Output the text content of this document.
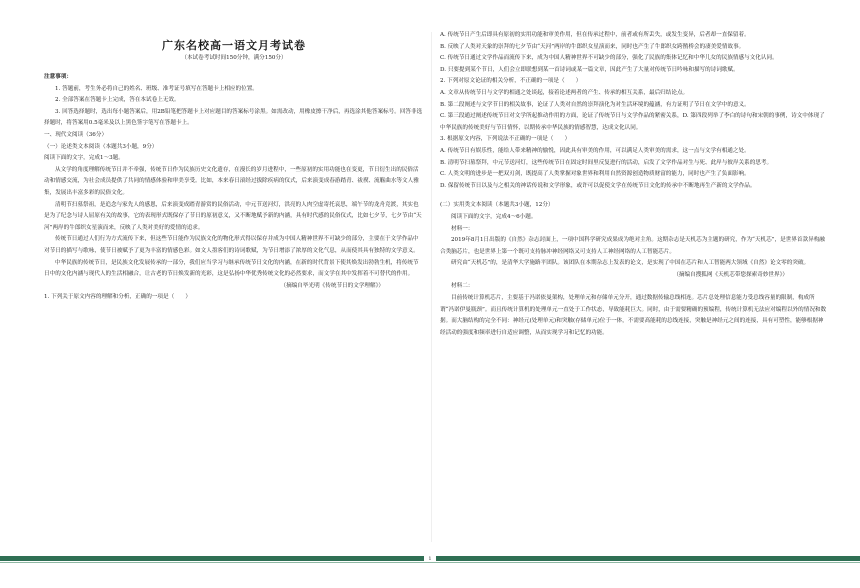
广东名校高一语文月考试卷
（本试卷考试时间150分钟，满分150分）

注意事项：

1. 答题前，考生务必将自己的姓名、班级、准考证号填写在答题卡上相应的位置。

2. 全部答案在答题卡上完成，答在本试卷上无效。

3. 回答选择题时，选出每小题答案后，用2B铅笔把答题卡上对应题目的答案标号涂黑。如需改动，用橡皮擦干净后，再选涂其他答案标号。回答非选择题时，将答案用0.5毫米及以上黑色签字笔写在答题卡上。

一、现代文阅读（36分）

（一）论述类文本阅读（本题共3小题，9分）

阅读下面的文字，完成1～3题。

从文学的角度理解传统节日并不牵强，传统节日作为民族历史文化遗存，在漫长的岁月进程中，一些原初的实用功能也在变更，节日衍生出的民俗活动和情感交流，为社会成员提供了共同的情感体验和审美享受。比如，本来春日滚经过拔除疾病的仪式，后来演变成春游踏青、祓禊、流觞曲水等文人雅集，发展出丰富多彩的民俗文化。

清明节扫墓祭祖，是追念与家先人的感恩，后来演变成踏青游赏的民俗活动，中元节送河灯，洪亮的人肉空虚寄托哀思，端午节的龙舟竞渡，其实也是为了纪念与诗人屈原有关的故事，它的表现形式既保存了节日的原初意义，又不断地赋予新的内涵，具有时代感的民俗仪式，比如七夕节，七夕节由“天河”两岸的牛郎织女星演而来，反映了人类对美好的爱情的追求。

传统节日通过人们行为方式流传下来，但这些节日能作为民族文化的物化形式得以保存并成为中国人精神世界不可缺少的部分，主要在于文学作品中对节日的描写与歌咏，使节日被赋予了更为丰富的情感色彩。如文人墨客们的诗词歌赋，为节日增添了浓厚的文化气息，从而使其具有独特的文学意义。

中华民族的传统节日，是民族文化发展传承的一部分，我们应当学习与继承传统节日文化的内涵，在新的时代背景下使其焕发出勃勃生机，将传统节日中的文化内涵与现代人的生活相融合，让古老的节日焕发新的光彩，这是弘扬中华优秀传统文化的必然要求，而文学在其中发挥着不可替代的作用。

（摘编自毕光明《传统节日的文学理解》）

1. 下列关于原文内容的理解和分析，正确的一项是（　　）

A. 传统节日产生后即具有原初的实用功能和审美作用，但在传承过程中，前者或有所丢失，或发生变异，后者却一直保留着。

B. 反映了人类对天象的崇拜的七夕节由“天河”两岸的牛郎织女星演而来，同时也产生了牛郎织女跨鹊桥会的凄美爱情故事。

C. 传统节日通过文学作品而流传下来，成为中国人精神世界不可缺少的部分，强化了民族的集体记忆和中华儿女的民族情感与文化认同。

D. 只要提到某个节日，人们会立即联想到某一首诗词或某一篇文章，因此产生了大量对传统节日吟咏和描写的诗词歌赋。

2. 下列对原文论证的相关分析，不正确的一项是（　　）

A. 文章从传统节日与文学的相通之处谈起，接着论述两者的产生、传承的相互关系，最后归结论点。

B. 第二段阐述与文学节日的相关故事，论证了人类对自然的崇拜演化为对生活环境的蕴涵，有力证明了节日在文学中的意义。

C. 第三段通过阐述传统节日对文学所起推动作用的方面，论证了传统节日与文学作品的紧密关系，D. 第四段列举了李白的诗句和宋朝的事例，诗文中体现了中华民族的传统美好与节日情怀，以期传承中华民族的情感智慧，达成文化认同。

3. 根据原文内容，下列说法不正确的一项是（　　）

A. 传统节日有娱乐性，能给人带来精神的愉悦，因此具有审美的作用，可以满足人类审美的需求，这一点与文学有相通之处。

B. 清明节扫墓祭拜，中元节送河灯，这些传统节日在固定时间里反复进行的活动，启发了文学作品对生与死、此岸与彼岸关系的思考。

C. 人类文明的进步是一把双刃剑，既提高了人类掌握对象世界和利用自然资源创造物质财富的能力，同时也产生了负面影响。

D. 保留传统节日以及与之相关的神话传说和文学形象，或许可以促使文学在传统节日文化的传承中不断地再生产新的文学作品。

(二）实用类文本阅读（本题共3小题，12分）

阅读下面的文字，完成4～6小题。

材料一：

2019年8月1日出版的《自然》杂志封面上，一项中国科学研究成果成为绝对主角。这期杂志是天机芯为主题的研究，作为“天机芯”，是世界首款异构融合类脑芯片，也是世界上第一个既可支持脉冲神经网络又可支持人工神经网络的人工智能芯片。

研究由“天机芯”的，是清华大学施路平团队。该团队在本期杂志上发表的论文，是实现了中国在芯片和人工智能两大领域《自然》论文零的突破。

（摘编自搜狐网《天机芯带您探索奇妙世界》）

材料二：

目前传统计算机芯片，主要基于冯诺依曼架构，处理单元和存储单元分开，通过数据传输总线相连。芯片总处理信息能力受总线容量的限制，构成所谓“冯诺伊曼瓶颈”。而且传统计算机的处理单元一直处于工作状态，导致能耗巨大。同时，由于需要精确的预编程，传统计算机无法应对编程以外的情况和数据。而大脑结构的完全不同：神经元(处理单元)和突触(存储单元)位于一体，不需要高能耗的总线连接，突触是神经元之间的连接，具有可塑性，能够根据神经活动的强度和频率进行自适应调整，从而实现学习和记忆的功能。

1
